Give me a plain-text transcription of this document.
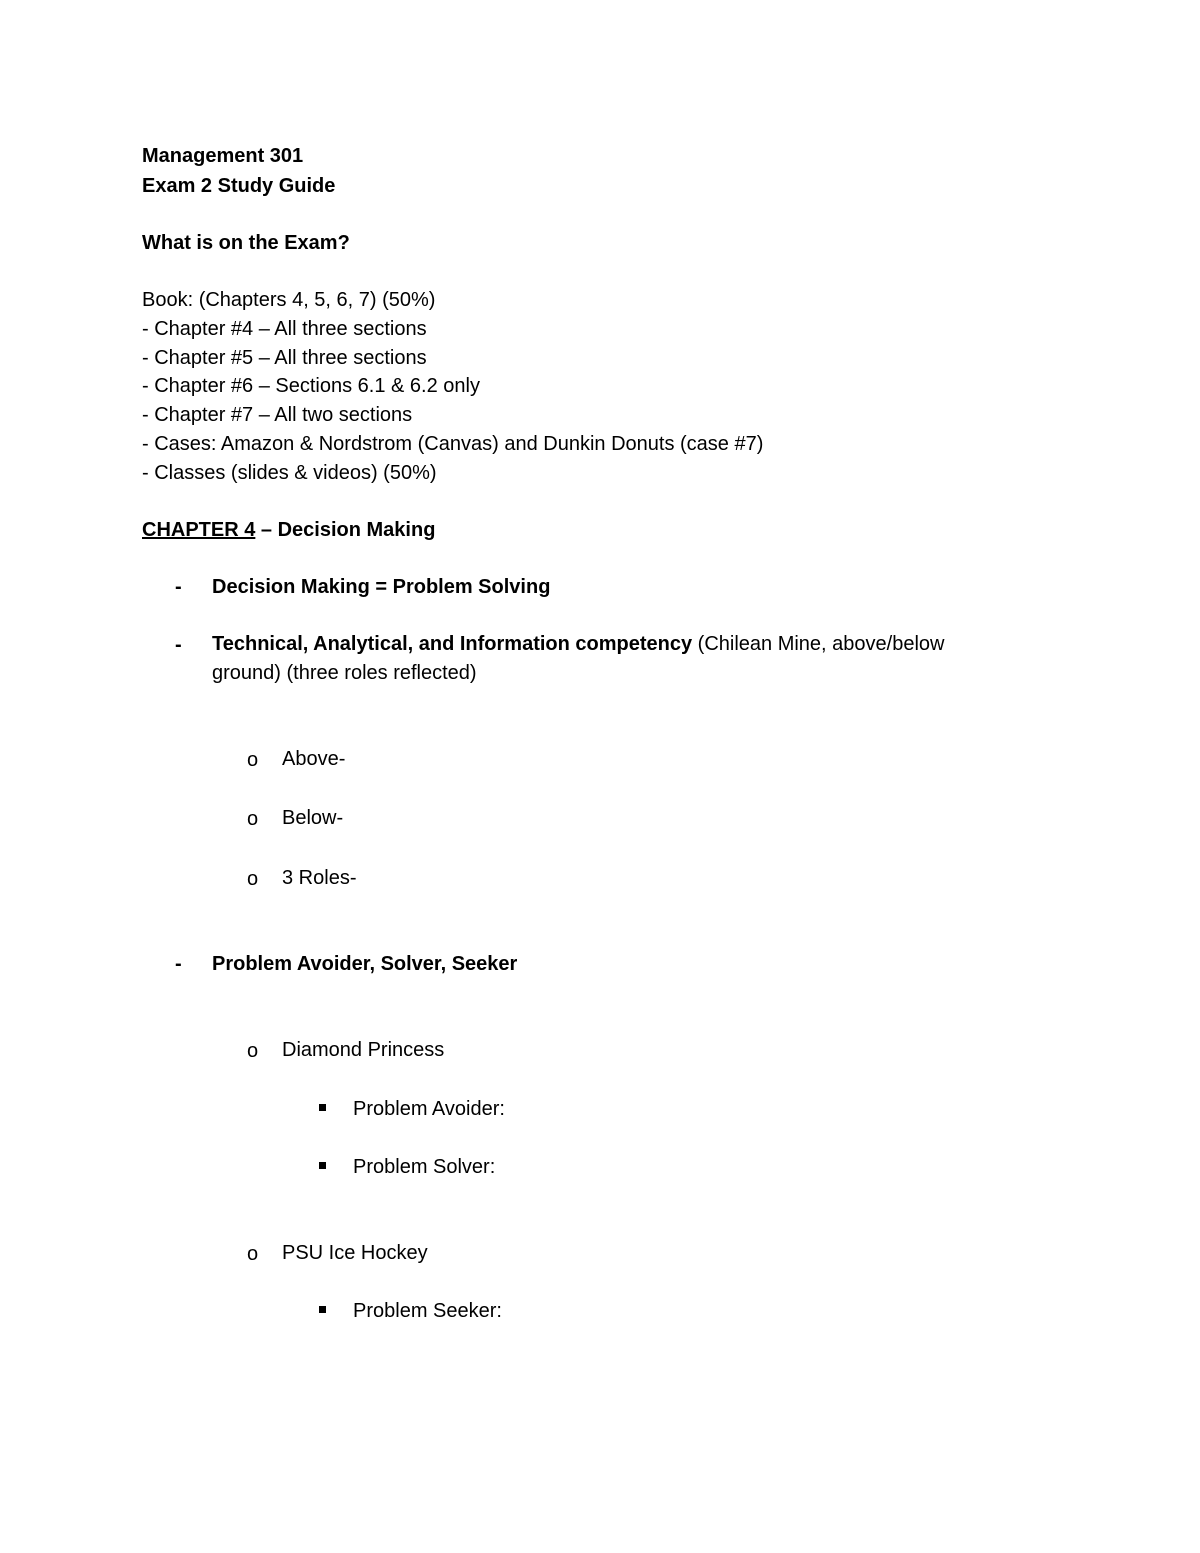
Management 301
Exam 2 Study Guide
What is on the Exam?
Book: (Chapters 4, 5, 6, 7) (50%)
- Chapter #4 – All three sections
- Chapter #5 – All three sections
- Chapter #6 – Sections 6.1 & 6.2 only
- Chapter #7 – All two sections
- Cases: Amazon & Nordstrom (Canvas) and Dunkin Donuts (case #7)
- Classes (slides & videos) (50%)
CHAPTER 4 – Decision Making
- Decision Making = Problem Solving
- Technical, Analytical, and Information competency (Chilean Mine, above/below ground) (three roles reflected)
o Above-
o Below-
o 3 Roles-
- Problem Avoider, Solver, Seeker
o Diamond Princess
Problem Avoider:
Problem Solver:
o PSU Ice Hockey
Problem Seeker:
